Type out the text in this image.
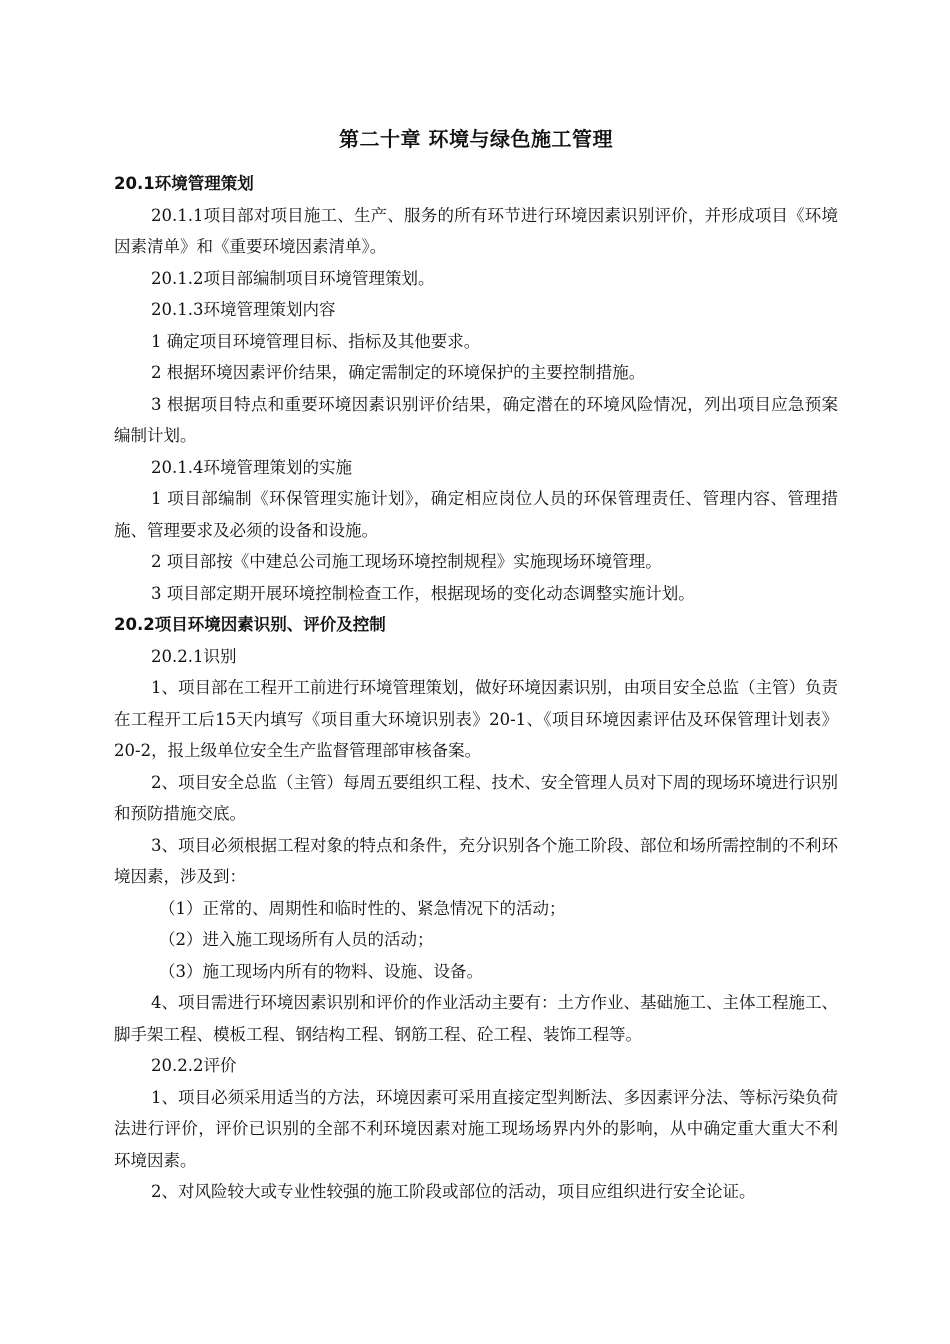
第二十章 环境与绿色施工管理
20.1环境管理策划
20.1.1项目部对项目施工、生产、服务的所有环节进行环境因素识别评价，并形成项目《环境因素清单》和《重要环境因素清单》。
20.1.2项目部编制项目环境管理策划。
20.1.3环境管理策划内容
1 确定项目环境管理目标、指标及其他要求。
2 根据环境因素评价结果，确定需制定的环境保护的主要控制措施。
3 根据项目特点和重要环境因素识别评价结果，确定潜在的环境风险情况，列出项目应急预案编制计划。
20.1.4环境管理策划的实施
1 项目部编制《环保管理实施计划》，确定相应岗位人员的环保管理责任、管理内容、管理措施、管理要求及必须的设备和设施。
2 项目部按《中建总公司施工现场环境控制规程》实施现场环境管理。
3 项目部定期开展环境控制检查工作，根据现场的变化动态调整实施计划。
20.2项目环境因素识别、评价及控制
20.2.1识别
1、项目部在工程开工前进行环境管理策划，做好环境因素识别，由项目安全总监（主管）负责在工程开工后15天内填写《项目重大环境识别表》20-1、《项目环境因素评估及环保管理计划表》20-2，报上级单位安全生产监督管理部审核备案。
2、项目安全总监（主管）每周五要组织工程、技术、安全管理人员对下周的现场环境进行识别和预防措施交底。
3、项目必须根据工程对象的特点和条件，充分识别各个施工阶段、部位和场所需控制的不利环境因素，涉及到：
（1）正常的、周期性和临时性的、紧急情况下的活动；
（2）进入施工现场所有人员的活动；
（3）施工现场内所有的物料、设施、设备。
4、项目需进行环境因素识别和评价的作业活动主要有：土方作业、基础施工、主体工程施工、脚手架工程、模板工程、钢结构工程、钢筋工程、砼工程、装饰工程等。
20.2.2评价
1、项目必须采用适当的方法，环境因素可采用直接定型判断法、多因素评分法、等标污染负荷法进行评价，评价已识别的全部不利环境因素对施工现场场界内外的影响，从中确定重大重大不利环境因素。
2、对风险较大或专业性较强的施工阶段或部位的活动，项目应组织进行安全论证。
